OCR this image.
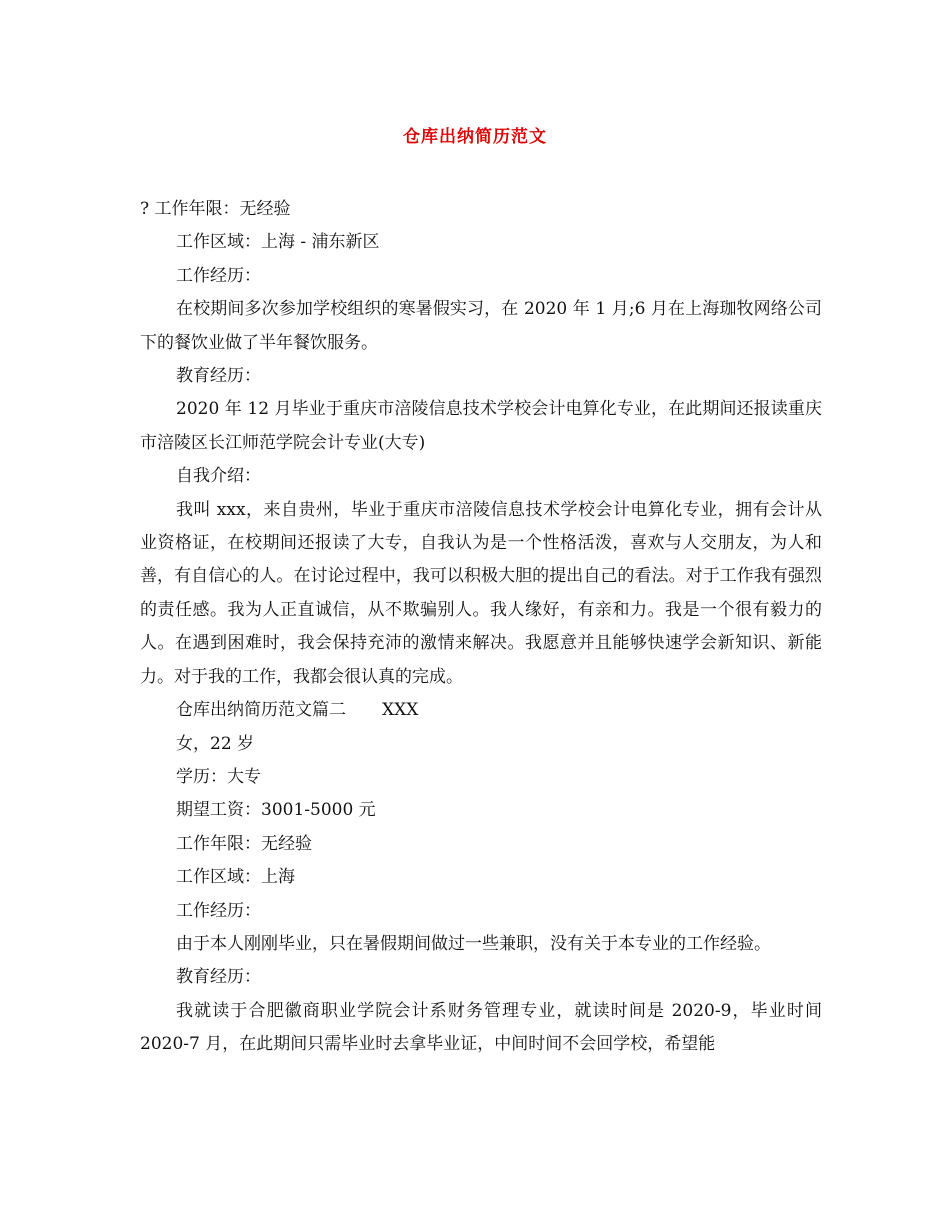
仓库出纳简历范文

? 工作年限：无经验

工作区域：上海 - 浦东新区

工作经历：

在校期间多次参加学校组织的寒暑假实习，在 2020 年 1 月;6 月在上海珈牧网络公司下的餐饮业做了半年餐饮服务。

教育经历：

2020 年 12 月毕业于重庆市涪陵信息技术学校会计电算化专业，在此期间还报读重庆市涪陵区长江师范学院会计专业(大专)

自我介绍：

我叫 xxx，来自贵州，毕业于重庆市涪陵信息技术学校会计电算化专业，拥有会计从业资格证，在校期间还报读了大专，自我认为是一个性格活泼，喜欢与人交朋友，为人和善，有自信心的人。在讨论过程中，我可以积极大胆的提出自己的看法。对于工作我有强烈的责任感。我为人正直诚信，从不欺骗别人。我人缘好，有亲和力。我是一个很有毅力的人。在遇到困难时，我会保持充沛的激情来解决。我愿意并且能够快速学会新知识、新能力。对于我的工作，我都会很认真的完成。

仓库出纳简历范文篇二 XXX

女，22 岁

学历：大专

期望工资：3001-5000 元

工作年限：无经验

工作区域：上海

工作经历：

由于本人刚刚毕业，只在暑假期间做过一些兼职，没有关于本专业的工作经验。

教育经历：

我就读于合肥徽商职业学院会计系财务管理专业，就读时间是 2020-9，毕业时间 2020-7 月，在此期间只需毕业时去拿毕业证，中间时间不会回学校，希望能
